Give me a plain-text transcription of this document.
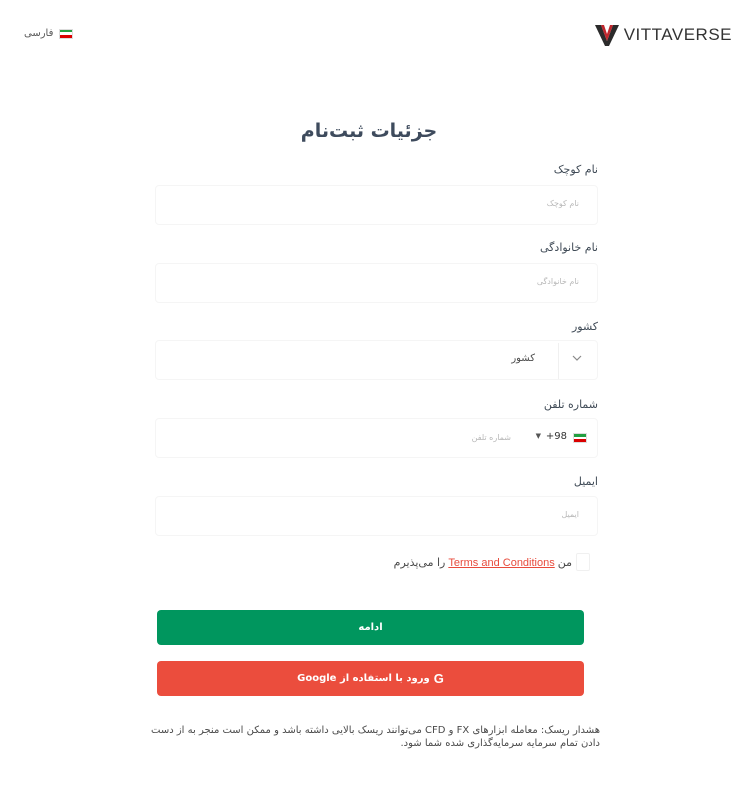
فارسی	VITTAVERSE
جزئیات ثبت‌نام
نام کوچک
نام کوچک
نام خانوادگی
نام خانوادگی
کشور
کشور
شماره تلفن
+98
▼
شماره تلفن
ایمیل
ایمیل
من
Terms and Conditions
را می‌پذیرم
ادامه
G
ورود با استفاده از Google

هشدار ریسک: معامله ابزارهای FX و CFD می‌توانند ریسک بالایی داشته باشد و ممکن است منجر به از دست دادن تمام سرمایه سرمایه‌گذاری شده شما شود.
